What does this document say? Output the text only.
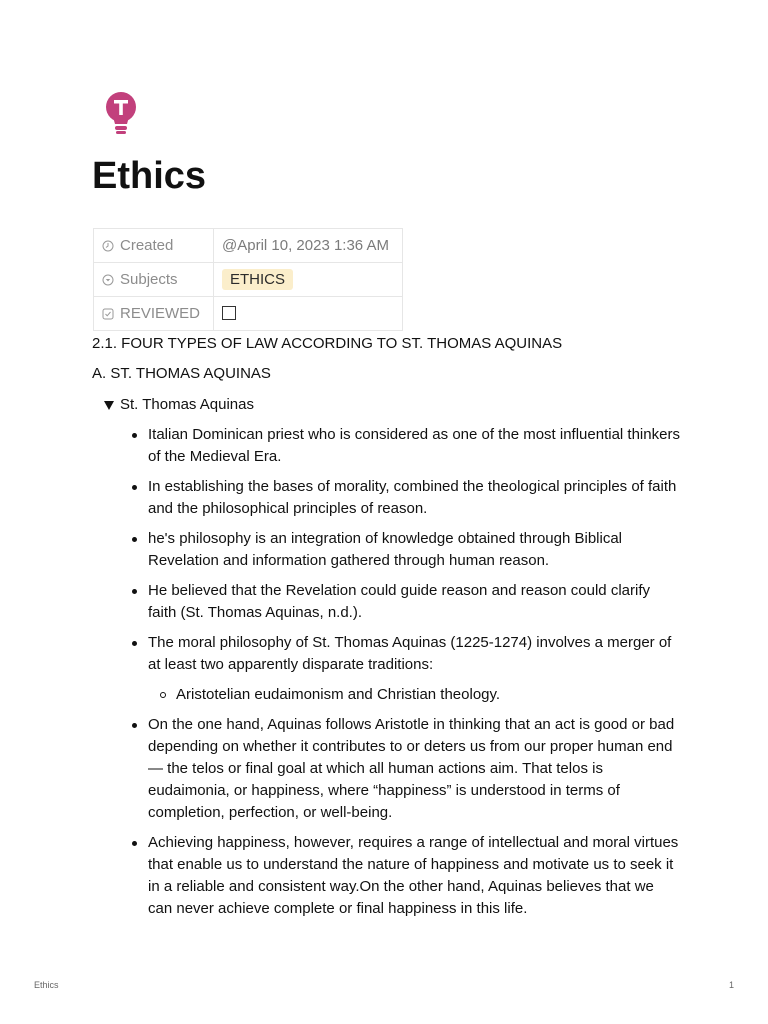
Ethics
Created	@April 10, 2023 1:36 AM
Subjects	ETHICS
REVIEWED	

2.1. FOUR TYPES OF LAW ACCORDING TO ST. THOMAS AQUINAS

A. ST. THOMAS AQUINAS

St. Thomas Aquinas
Italian Dominican priest who is considered as one of the most influential thinkers of the Medieval Era.
In establishing the bases of morality, combined the theological principles of faith and the philosophical principles of reason.
he's philosophy is an integration of knowledge obtained through Biblical Revelation and information gathered through human reason.
He believed that the Revelation could guide reason and reason could clarify faith (St. Thomas Aquinas, n.d.).
The moral philosophy of St. Thomas Aquinas (1225-1274) involves a merger of at least two apparently disparate traditions:
Aristotelian eudaimonism and Christian theology.
On the one hand, Aquinas follows Aristotle in thinking that an act is good or bad depending on whether it contributes to or deters us from our proper human end— the telos or final goal at which all human actions aim. That telos is eudaimonia, or happiness, where “happiness” is understood in terms of completion, perfection, or well-being.
Achieving happiness, however, requires a range of intellectual and moral virtues that enable us to understand the nature of happiness and motivate us to seek it in a reliable and consistent way.On the other hand, Aquinas believes that we can never achieve complete or final happiness in this life.
Ethics	1
